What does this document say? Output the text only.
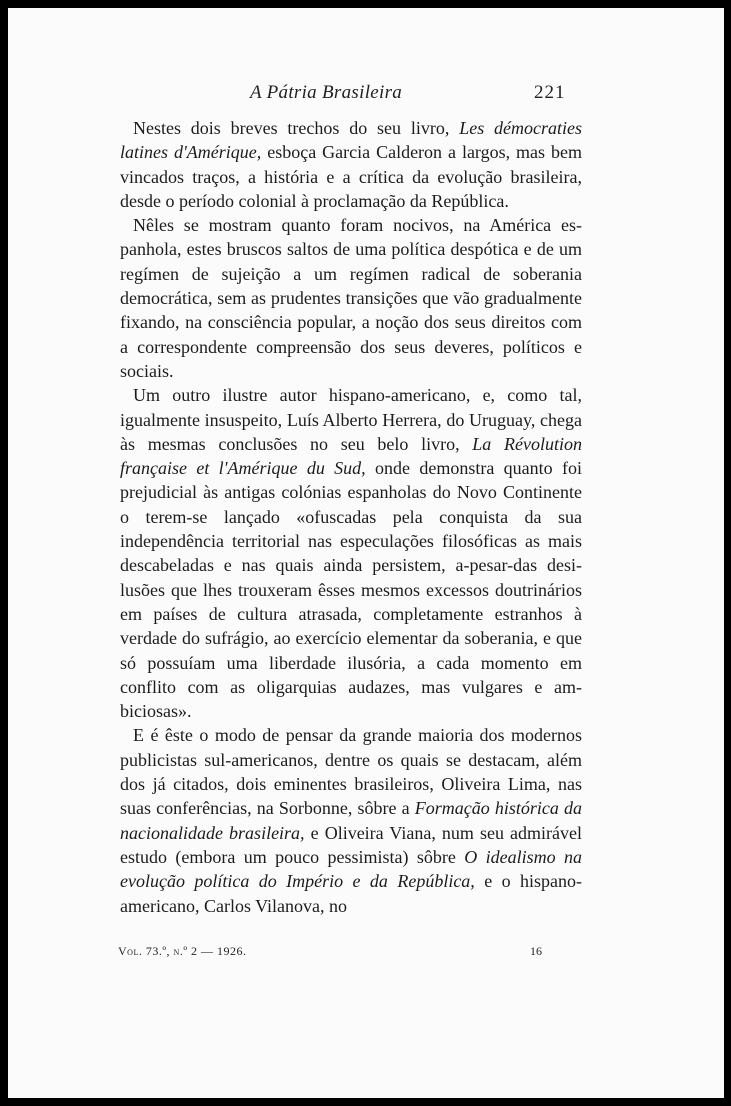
A Pátria Brasileira	221

Nestes dois breves trechos do seu livro, Les démocraties latines d'Amérique, esboça Garcia Calderon a largos, mas bem vincados traços, a história e a crítica da evolução brasileira, desde o período colonial à proclamação da República.

Nêles se mostram quanto foram nocivos, na América espanhola, estes bruscos saltos de uma política despótica e de um regímen de sujeição a um regímen radical de soberania democrática, sem as prudentes transições que vão gradualmente fixando, na consciência popular, a noção dos seus direitos com a correspondente compreensão dos seus deveres, políticos e sociais.

Um outro ilustre autor hispano-americano, e, como tal, igualmente insuspeito, Luís Alberto Herrera, do Uruguay, chega às mesmas conclusões no seu belo livro, La Révolution française et l'Amérique du Sud, onde demonstra quanto foi prejudicial às antigas colónias espanholas do Novo Continente o terem-se lançado «ofuscadas pela conquista da sua independência territorial nas especulações filosóficas as mais descabeladas e nas quais ainda persistem, a-pesar-das desilusões que lhes trouxeram êsses mesmos excessos doutrinários em países de cultura atrasada, completamente estranhos à verdade do sufrágio, ao exercício elementar da soberania, e que só possuíam uma liberdade ilusória, a cada momento em conflito com as oligarquias audazes, mas vulgares e ambiciosas».

E é êste o modo de pensar da grande maioria dos modernos publicistas sul-americanos, dentre os quais se destacam, além dos já citados, dois eminentes brasileiros, Oliveira Lima, nas suas conferências, na Sorbonne, sôbre a Formação histórica da nacionalidade brasileira, e Oliveira Viana, num seu admirável estudo (embora um pouco pessimista) sôbre O idealismo na evolução política do Império e da República, e o hispano-americano, Carlos Vilanova, no

Vol. 73.º, n.º 2 — 1926.	16
